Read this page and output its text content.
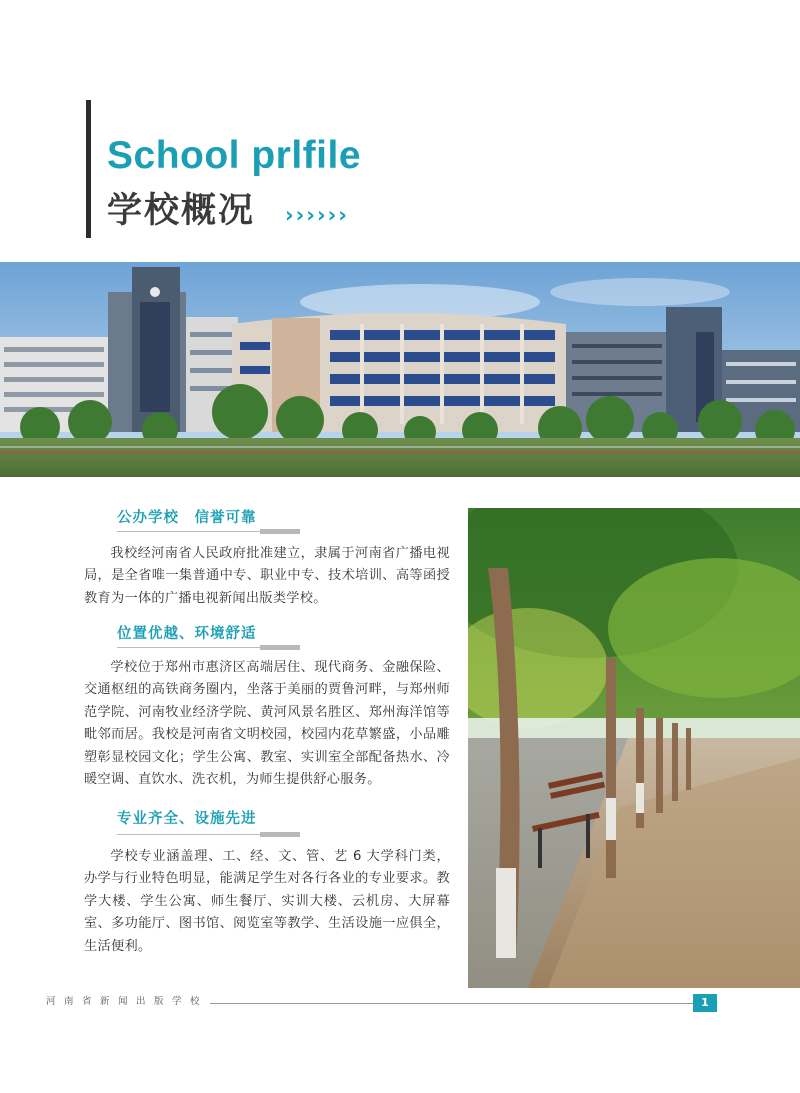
School prlfile
学校概况 ››››››
公办学校　信誉可靠

我校经河南省人民政府批准建立，隶属于河南省广播电视局，是全省唯一集普通中专、职业中专、技术培训、高等函授教育为一体的广播电视新闻出版类学校。

位置优越、环境舒适

学校位于郑州市惠济区高端居住、现代商务、金融保险、交通枢纽的高铁商务圈内，坐落于美丽的贾鲁河畔，与郑州师范学院、河南牧业经济学院、黄河风景名胜区、郑州海洋馆等毗邻而居。我校是河南省文明校园，校园内花草繁盛，小品雕塑彰显校园文化；学生公寓、教室、实训室全部配备热水、冷暖空调、直饮水、洗衣机，为师生提供舒心服务。

专业齐全、设施先进

学校专业涵盖理、工、经、文、管、艺 6 大学科门类，办学与行业特色明显，能满足学生对各行各业的专业要求。教学大楼、学生公寓、师生餐厅、实训大楼、云机房、大屏幕室、多功能厅、图书馆、阅览室等教学、生活设施一应俱全，生活便利。

河南省新闻出版学校	1
